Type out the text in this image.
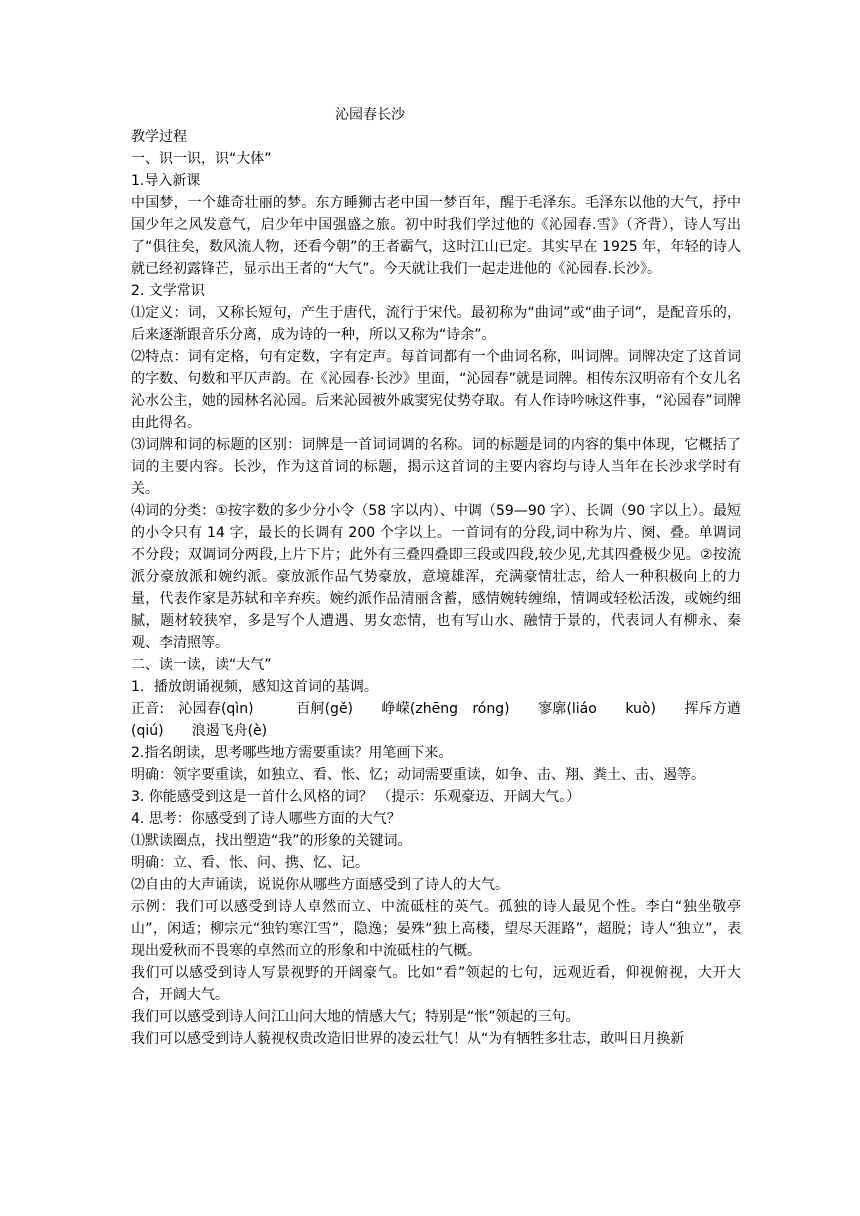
沁园春长沙

教学过程

一、识一识，识“大体”

1.导入新课

中国梦，一个雄奇壮丽的梦。东方睡狮古老中国一梦百年，醒于毛泽东。毛泽东以他的大气，抒中国少年之风发意气，启少年中国强盛之旅。初中时我们学过他的《沁园春.雪》（齐背），诗人写出了“俱往矣，数风流人物，还看今朝”的王者霸气，这时江山已定。其实早在 1925 年，年轻的诗人就已经初露锋芒，显示出王者的“大气”。今天就让我们一起走进他的《沁园春.长沙》。

2. 文学常识

⑴定义：词，又称长短句，产生于唐代，流行于宋代。最初称为“曲词”或“曲子词”，是配音乐的，后来逐渐跟音乐分离，成为诗的一种，所以又称为“诗余”。

⑵特点：词有定格，句有定数，字有定声。每首词都有一个曲词名称，叫词牌。词牌决定了这首词的字数、句数和平仄声韵。在《沁园春·长沙》里面，“沁园春”就是词牌。相传东汉明帝有个女儿名沁水公主，她的园林名沁园。后来沁园被外戚窦宪仗势夺取。有人作诗吟咏这件事，“沁园春”词牌由此得名。

⑶词牌和词的标题的区别：词牌是一首词词调的名称。词的标题是词的内容的集中体现，它概括了词的主要内容。长沙，作为这首词的标题，揭示这首词的主要内容均与诗人当年在长沙求学时有关。

⑷词的分类：①按字数的多少分小令（58 字以内）、中调（59—90 字）、长调（90 字以上）。最短的小令只有 14 字，最长的长调有 200 个字以上。一首词有的分段,词中称为片、阕、叠。单调词不分段；双调词分两段,上片下片；此外有三叠四叠即三段或四段,较少见,尤其四叠极少见。②按流派分豪放派和婉约派。豪放派作品气势豪放，意境雄浑，充满豪情壮志，给人一种积极向上的力量，代表作家是苏轼和辛弃疾。婉约派作品清丽含蓄，感情婉转缠绵，情调或轻松活泼，或婉约细腻，题材较狭窄，多是写个人遭遇、男女恋情，也有写山水、融情于景的，代表词人有柳永、秦观、李清照等。

二、读一读，读“大气”

1．播放朗诵视频，感知这首词的基调。

正音:　沁园春(qìn)　　　百舸(gě)　　峥嵘(zhēng　róng)　　寥廓(liáo　　kuò)　　挥斥方遒(qiú)　　浪遏飞舟(è)

2.指名朗读，思考哪些地方需要重读？用笔画下来。

明确：领字要重读，如独立、看、怅、忆；动词需要重读，如争、击、翔、粪土、击、遏等。

3. 你能感受到这是一首什么风格的词？ （提示：乐观豪迈、开阔大气。）

4. 思考：你感受到了诗人哪些方面的大气？

⑴默读圈点，找出塑造“我”的形象的关键词。

明确：立、看、怅、问、携、忆、记。

⑵自由的大声诵读，说说你从哪些方面感受到了诗人的大气。

示例：我们可以感受到诗人卓然而立、中流砥柱的英气。孤独的诗人最见个性。李白“独坐敬亭山”，闲适；柳宗元“独钓寒江雪”，隐逸；晏殊“独上高楼，望尽天涯路”，超脱；诗人“独立”，表现出爱秋而不畏寒的卓然而立的形象和中流砥柱的气概。

我们可以感受到诗人写景视野的开阔豪气。比如“看”领起的七句，远观近看，仰视俯视，大开大合，开阔大气。

我们可以感受到诗人问江山问大地的情感大气；特别是“怅”领起的三句。

我们可以感受到诗人藐视权贵改造旧世界的凌云壮气！从“为有牺牲多壮志，敢叫日月换新
